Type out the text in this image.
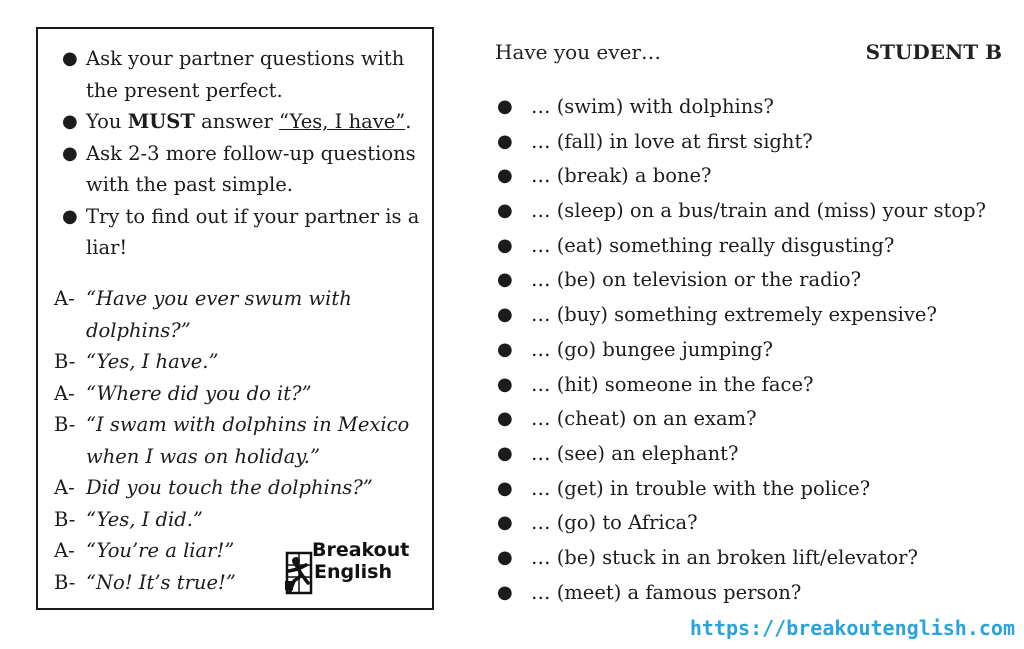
● Ask your partner questions with the present perfect.
● You MUST answer “Yes, I have”.
● Ask 2-3 more follow-up questions with the past simple.
● Try to find out if your partner is a liar!
A- “Have you ever swum with dolphins?”
B- “Yes, I have.”
A- “Where did you do it?”
B- “I swam with dolphins in Mexico when I was on holiday.”
A- Did you touch the dolphins?”
B- “Yes, I did.”
A- “You’re a liar!”
B- “No! It’s true!”
Breakout
English
Have you ever…	STUDENT B
● … (swim) with dolphins?
● … (fall) in love at first sight?
● … (break) a bone?
● … (sleep) on a bus/train and (miss) your stop?
● … (eat) something really disgusting?
● … (be) on television or the radio?
● … (buy) something extremely expensive?
● … (go) bungee jumping?
● … (hit) someone in the face?
● … (cheat) on an exam?
● … (see) an elephant?
● … (get) in trouble with the police?
● … (go) to Africa?
● … (be) stuck in an broken lift/elevator?
● … (meet) a famous person?
https://breakoutenglish.com
